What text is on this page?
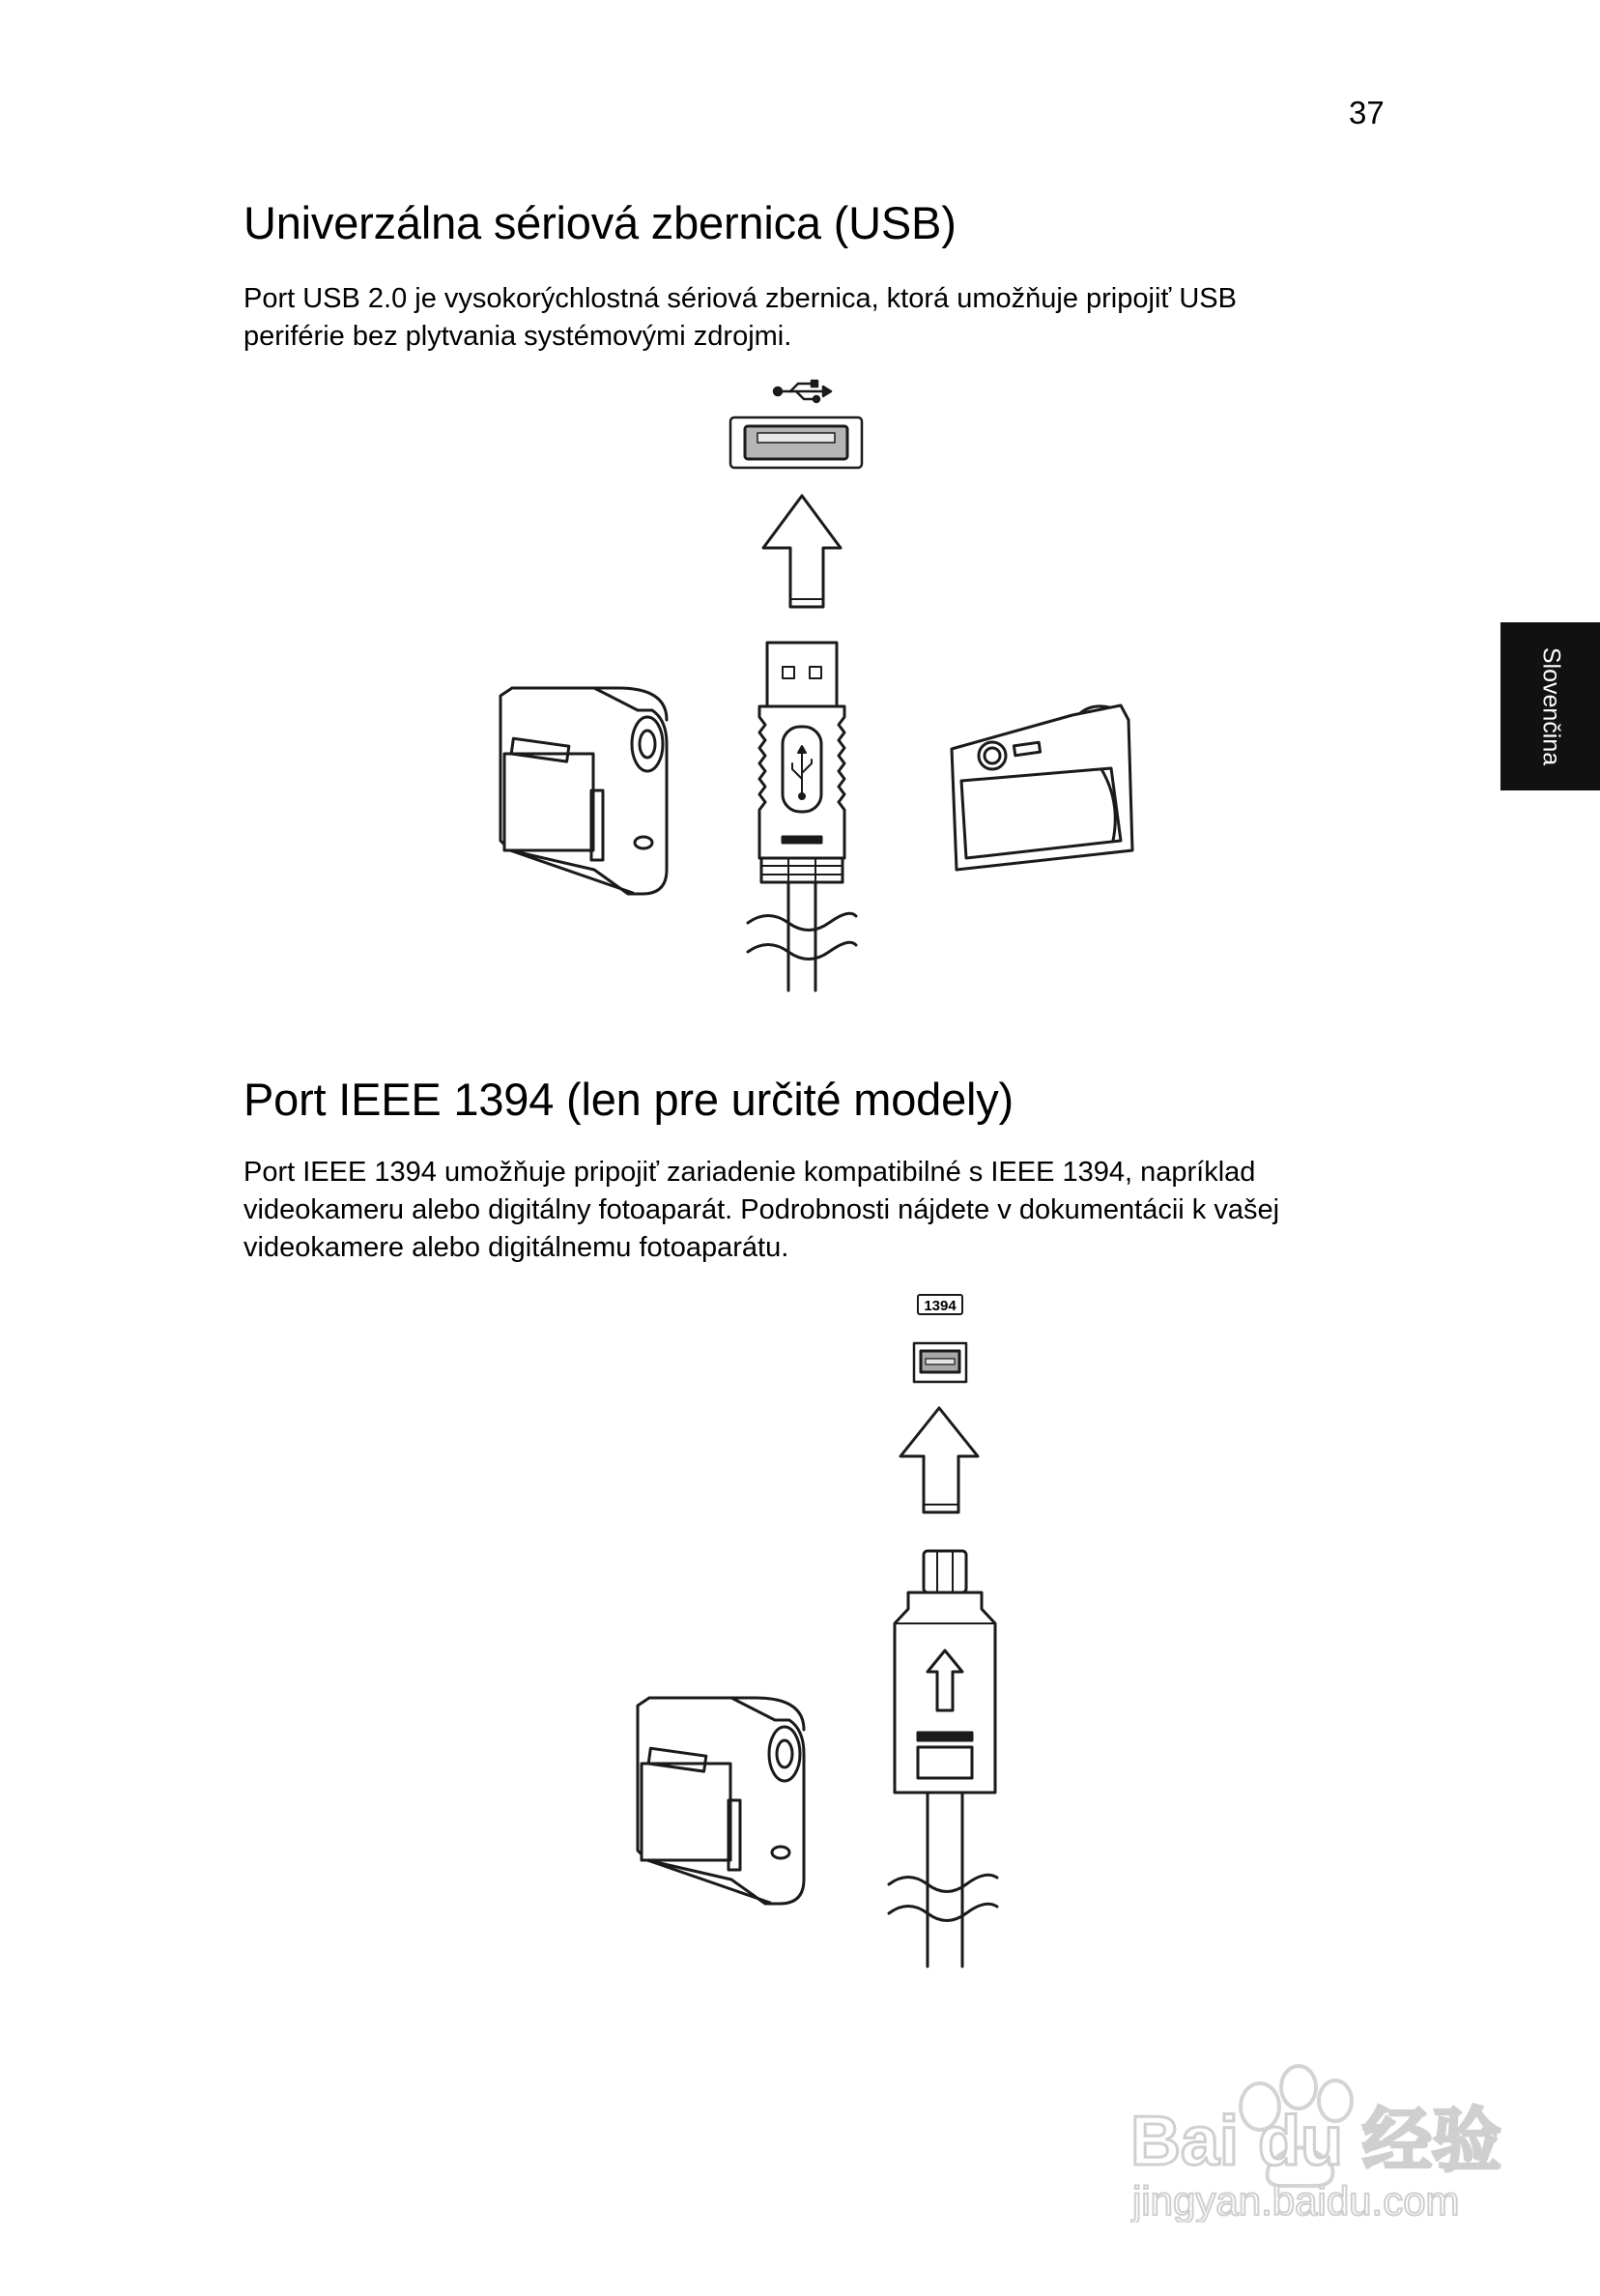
37
Slovenčina
Univerzálna sériová zbernica (USB)

Port USB 2.0 je vysokorýchlostná sériová zbernica, ktorá umožňuje pripojiť USB
periférie bez plytvania systémovými zdrojmi.

Port IEEE 1394 (len pre určité modely)

Port IEEE 1394 umožňuje pripojiť zariadenie kompatibilné s IEEE 1394, napríklad
videokameru alebo digitálny fotoaparát. Podrobnosti nájdete v dokumentácii k vašej
videokamere alebo digitálnemu fotoaparátu.

1394
Bai du 经验
jingyan.baidu.com
